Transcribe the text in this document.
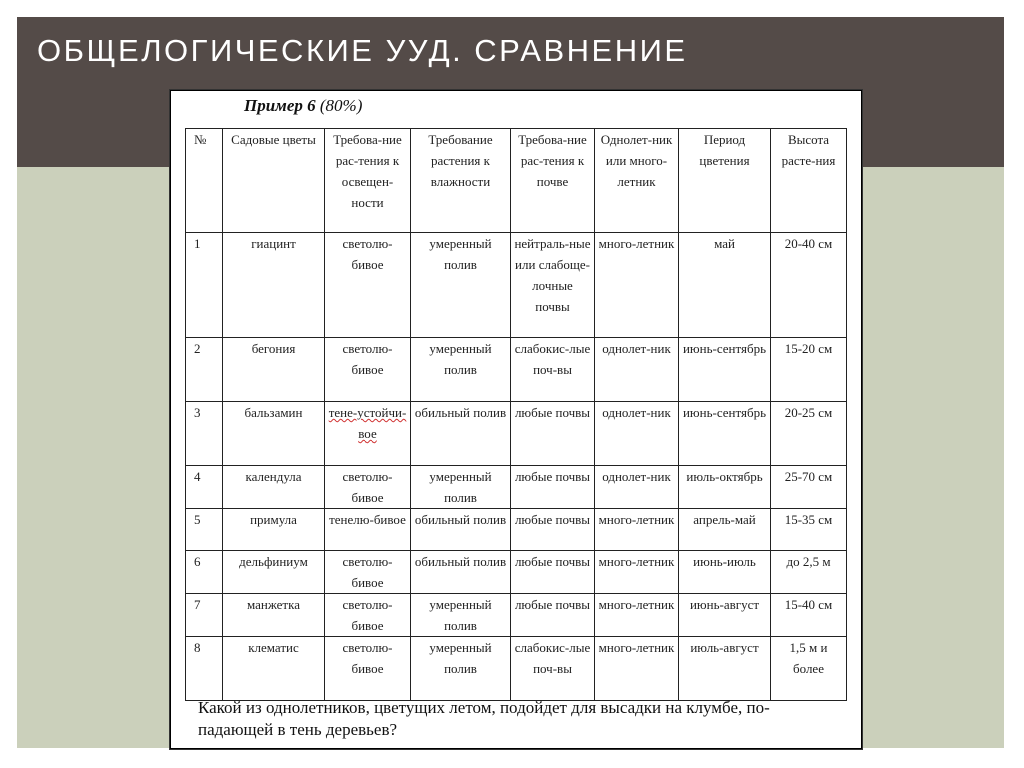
ОБЩЕЛОГИЧЕСКИЕ УУД. СРАВНЕНИЕ
Пример 6 (80%)
№	Садовые цветы	Требова-ние рас-тения к освещен-ности	Требование растения к влажности	Требова-ние рас-тения к почве	Однолет-ник или много-летник	Период цветения	Высота расте-ния
1	гиацинт	светолю-бивое	умеренный полив	нейтраль-ные или слабоще-лочные почвы	много-летник	май	20-40 см
2	бегония	светолю-бивое	умеренный полив	слабокис-лые поч-вы	однолет-ник	июнь-сентябрь	15-20 см
3	бальзамин	тене-устойчи-вое	обильный полив	любые почвы	однолет-ник	июнь-сентябрь	20-25 см
4	календула	светолю-бивое	умеренный полив	любые почвы	однолет-ник	июль-октябрь	25-70 см
5	примула	тенелю-бивое	обильный полив	любые почвы	много-летник	апрель-май	15-35 см
6	дельфиниум	светолю-бивое	обильный полив	любые почвы	много-летник	июнь-июль	до 2,5 м
7	манжетка	светолю-бивое	умеренный полив	любые почвы	много-летник	июнь-август	15-40 см
8	клематис	светолю-бивое	умеренный полив	слабокис-лые поч-вы	много-летник	июль-август	1,5 м и более

Какой из однолетников, цветущих летом, подойдет для высадки на клумбе, по-падающей в тень деревьев?
